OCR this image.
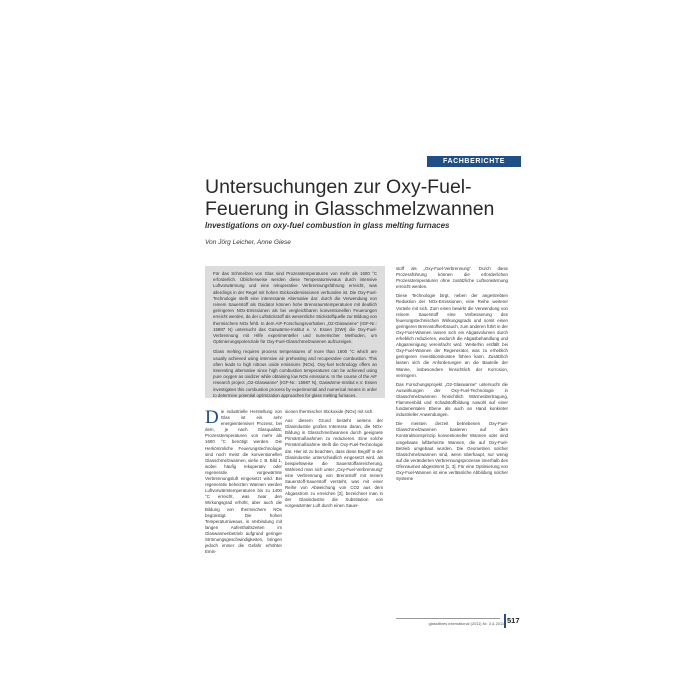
FACHBERICHTE
Untersuchungen zur Oxy-Fuel-
Feuerung in Glasschmelzwannen
Investigations on oxy-fuel combustion in glass melting furnaces
Von Jörg Leicher, Anne Giese

Für das Schmelzen von Glas sind Prozesstemperaturen von mehr als 1600 °C erforderlich. Üblicherweise werden diese Temperaturniveaus durch intensive Luftvorwärmung und eine rekuperative Verbrennungsführung erreicht, was allerdings in der Regel mit hohen Stickoxidemissionen verbunden ist. Die Oxy-Fuel-Technologie stellt eine interessante Alternative dar: durch die Verwendung von reinem Sauerstoff als Oxidator können hohe Brennraumtemperaturen mit deutlich geringeren NOx-Emissionen als bei vergleichbaren konventionellen Feuerungen erreicht werden, da der Luftstickstoff als wesentliche Stickstoffquelle zur Bildung von thermischem NOx fehlt. In dem AiF-Forschungsvorhaben „O2-Glaswanne“ (IGF-Nr.: 15987 N) untersucht das Gaswärme-Institut e. V. Essen (GWI) die Oxy-Fuel-Verbrennung mit Hilfe experimenteller und numerischer Methoden, um Optimierungspotenziale für Oxy-Fuel-Glasschmelzwannen aufzuzeigen.

Glass melting requires process temperatures of more than 1600 °C which are usually achieved using intensive air preheating and recuperative combustion. This often leads to high nitrous oxide emissions (NOx). Oxy-fuel technology offers an interesting alternative since high combustion temperatures can be achieved using pure oxygen as oxidizer while obtaining low NOx emissions. In the course of the AiF research project „O2-Glaswanne“ (IGF-Nr.: 15987 N), Gaswärme-Institut e.V. Essen investigates this combustion process by experimental and numerical means in order to determine potential optimization approaches for glass melting furnaces.

Die industrielle Herstellung von Glas ist ein sehr energieintensiver Prozess, bei dem, je nach Glasqualität, Prozesstemperaturen von mehr als 1600 °C benötigt werden. Die Herkömmliche Feuerungstechnologie sind noch meist die konventionellen Glasschmelzwannen, siehe z. B. Bild 1, wobei häufig rekuperativ oder regenerativ vorgewärmte Verbrennungsluft eingesetzt wird. Bei regenerativ beheizten Wannen werden Luftvorwärmtemperaturen bis zu 1400 °C erreicht, was zwar den Wirkungsgrad erhöht, aber auch die Bildung von thermischem NOx begünstigt. Die hohen Temperaturniveaus, in Verbindung mit langen Aufenthaltszeiten im Glaswannenbetrieb aufgrund geringer Strömungsgeschwindigkeiten, bringen jedoch immer die Gefahr erhöhter Emis-

sionen thermischer Stickoxide (NOx) mit sich.

Aus diesem Grund besteht seitens der Glasindustrie großes Interesse daran, die NOx-Bildung in Glasschmelzwannen durch geeignete Primärmaßnahmen zu reduzieren. Eine solche Primärmaßnahme stellt die Oxy-Fuel-Technologie dar. Hier ist zu beachten, dass diese Begriff in der Glasindustrie unterschiedlich eingesetzt wird, als beispielsweise die Sauerstoffanreicherung. Während man sich unter „Oxy-Fuel-Verbrennung“ eine Verbrennung von Brennstoff mit reinem Sauerstoff-Sauerstoff versteht, was mit einer Reihe von Abweichung von CO2 aus dem Abgasstrom zu erreichen [2], bezeichnet man in der Glasindustrie die Substitution von vorgewärmter Luft durch einen Sauer-

stoff als „Oxy-Fuel-Verbrennung“. Durch diese Prozessführung können die erforderlichen Prozesstemperaturen ohne zusätzliche Luftvorwärmung erreicht werden.

Diese Technologie birgt, neben der angestrebten Reduktion der NOx-Emissionen, eine Reihe weiterer Vorteile mit sich. Zum einen bewirkt die Verwendung von reinem Sauerstoff eine Verbesserung des feuerungstechnischen Wirkungsgrads und somit einen geringeren Brennstoffverbrauch, zum anderen führt in der Oxy-Fuel-Wannen lassen sich ein Abgasvolumen durch erheblich reduzieren, wodurch die Abgasbehandlung und Abgasreinigung vereinfacht wird. Weiterhin entfällt bei Oxy-Fuel-Wannen der Regenerator, was zu erheblich geringeren Investitionskosten führen kann. Zusätzlich lassen sich die Anforderungen an die Bauteile der Wanne, insbesondere hinsichtlich der Korrosion, verringern.

Das Forschungsprojekt „O2-Glaswanne“ untersucht die Auswirkungen der Oxy-Fuel-Technologie in Glasschmelzwannen hinsichtlich Wärmeübertragung, Flammenbild und Schadstoffbildung sowohl auf einer fundamentalen Ebene als auch an Hand konkreter industrieller Anwendungen.

Die meisten derzeit betriebenen Oxy-Fuel-Glasschmelzwannen basieren auf dem Konstruktionsprinzip konventioneller Wannen oder sind umgebaute luftbeheizte Wannen, die auf Oxy-Fuel-Betrieb umgebaut wurden. Die Geometrien solcher Glasschmelzwannen sind, wenn überhaupt, nur wenig auf die veränderten Verbrennungsprozesse innerhalb des Ofenraumes abgestimmt [1, 3]. Für eine Optimierung von Oxy-Fuel-Wannen ist eine verlässliche Abbildung solcher Systeme

glassfibres international (2011) Nr. 3 & 2011 517
